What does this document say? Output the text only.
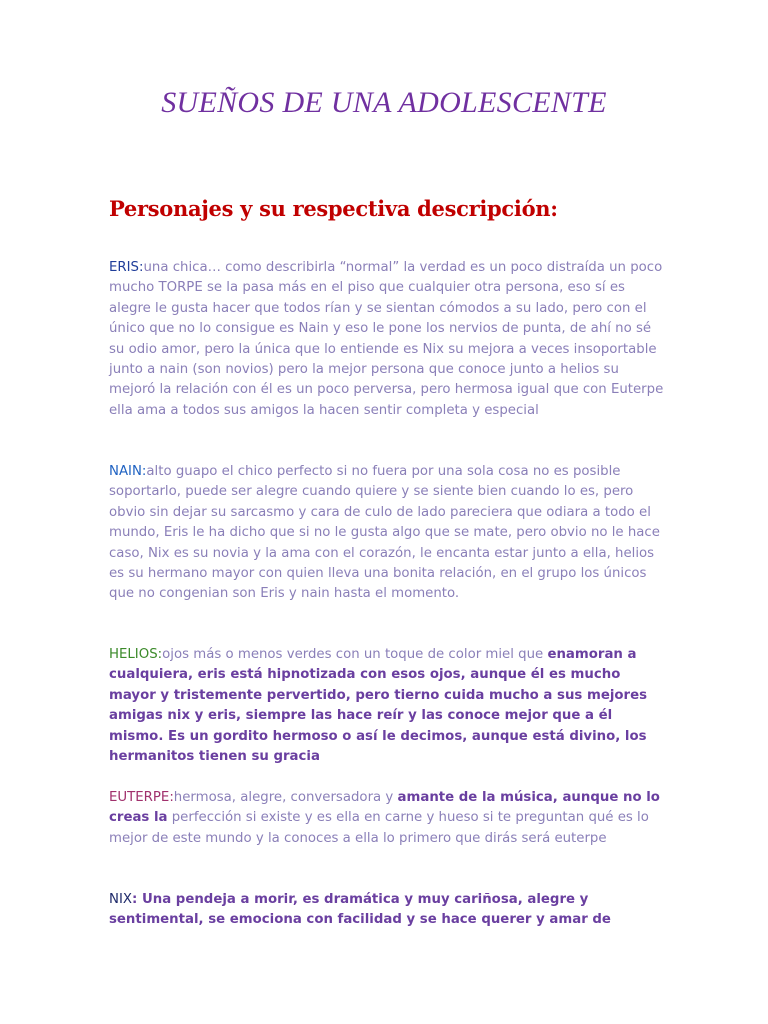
SUEÑOS DE UNA ADOLESCENTE
Personajes y su respectiva descripción:

ERIS:una chica… como describirla “normal” la verdad es un poco distraída un poco mucho TORPE se la pasa más en el piso que cualquier otra persona, eso sí es alegre le gusta hacer que todos rían y se sientan cómodos a su lado, pero con el único que no lo consigue es Nain y eso le pone los nervios de punta, de ahí no sé su odio amor, pero la única que lo entiende es Nix su mejora a veces insoportable junto a nain (son novios) pero la mejor persona que conoce junto a helios su mejoró la relación con él es un poco perversa, pero hermosa igual que con Euterpe ella ama a todos sus amigos la hacen sentir completa y especial

NAIN:alto guapo el chico perfecto si no fuera por una sola cosa no es posible soportarlo, puede ser alegre cuando quiere y se siente bien cuando lo es, pero obvio sin dejar su sarcasmo y cara de culo de lado pareciera que odiara a todo el mundo, Eris le ha dicho que si no le gusta algo que se mate, pero obvio no le hace caso, Nix es su novia y la ama con el corazón, le encanta estar junto a ella, helios es su hermano mayor con quien lleva una bonita relación, en el grupo los únicos que no congenian son Eris y nain hasta el momento.

HELIOS:ojos más o menos verdes con un toque de color miel que enamoran a cualquiera, eris está hipnotizada con esos ojos, aunque él es mucho mayor y tristemente pervertido, pero tierno cuida mucho a sus mejores amigas nix y eris, siempre las hace reír y las conoce mejor que a él mismo. Es un gordito hermoso o así le decimos, aunque está divino, los hermanitos tienen su gracia

EUTERPE:hermosa, alegre, conversadora y amante de la música, aunque no lo creas la perfección si existe y es ella en carne y hueso si te preguntan qué es lo mejor de este mundo y la conoces a ella lo primero que dirás será euterpe

NIX: Una pendeja a morir, es dramática y muy cariñosa, alegre y sentimental, se emociona con facilidad y se hace querer y amar de
